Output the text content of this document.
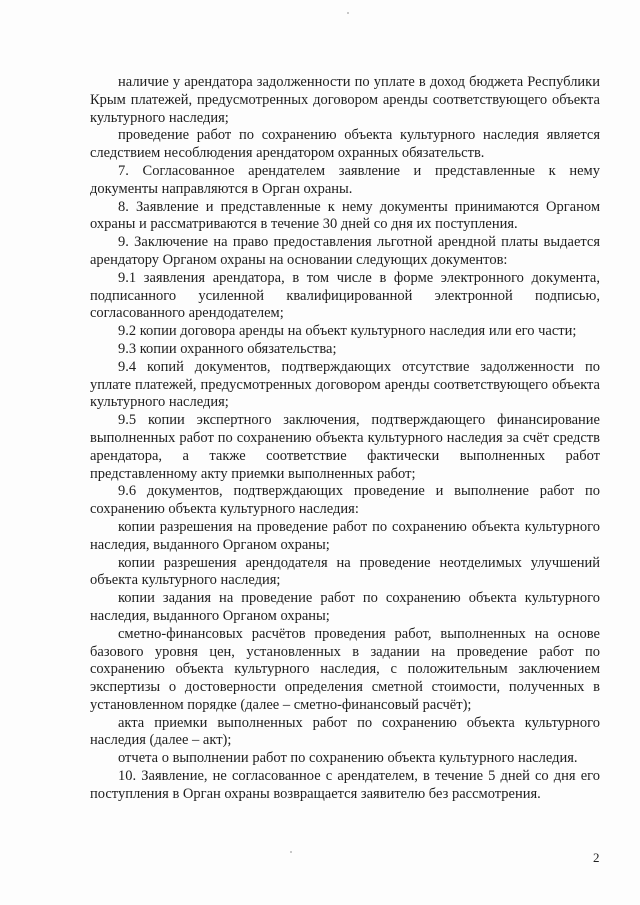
наличие у арендатора задолженности по уплате в доход бюджета Республики Крым платежей, предусмотренных договором аренды соответствующего объекта культурного наследия;

проведение работ по сохранению объекта культурного наследия является следствием несоблюдения арендатором охранных обязательств.

7. Согласованное арендателем заявление и представленные к нему документы направляются в Орган охраны.

8. Заявление и представленные к нему документы принимаются Органом охраны и рассматриваются в течение 30 дней со дня их поступления.

9. Заключение на право предоставления льготной арендной платы выдается арендатору Органом охраны на основании следующих документов:

9.1 заявления арендатора, в том числе в форме электронного документа, подписанного усиленной квалифицированной электронной подписью, согласованного арендодателем;

9.2 копии договора аренды на объект культурного наследия или его части;

9.3 копии охранного обязательства;

9.4 копий документов, подтверждающих отсутствие задолженности по уплате платежей, предусмотренных договором аренды соответствующего объекта культурного наследия;

9.5 копии экспертного заключения, подтверждающего финансирование выполненных работ по сохранению объекта культурного наследия за счёт средств арендатора, а также соответствие фактически выполненных работ представленному акту приемки выполненных работ;

9.6 документов, подтверждающих проведение и выполнение работ по сохранению объекта культурного наследия:

копии разрешения на проведение работ по сохранению объекта культурного наследия, выданного Органом охраны;

копии разрешения арендодателя на проведение неотделимых улучшений объекта культурного наследия;

копии задания на проведение работ по сохранению объекта культурного наследия, выданного Органом охраны;

сметно-финансовых расчётов проведения работ, выполненных на основе базового уровня цен, установленных в задании на проведение работ по сохранению объекта культурного наследия, с положительным заключением экспертизы о достоверности определения сметной стоимости, полученных в установленном порядке (далее – сметно-финансовый расчёт);

акта приемки выполненных работ по сохранению объекта культурного наследия (далее – акт);

отчета о выполнении работ по сохранению объекта культурного наследия.

10. Заявление, не согласованное с арендателем, в течение 5 дней со дня его поступления в Орган охраны возвращается заявителю без рассмотрения.

2
